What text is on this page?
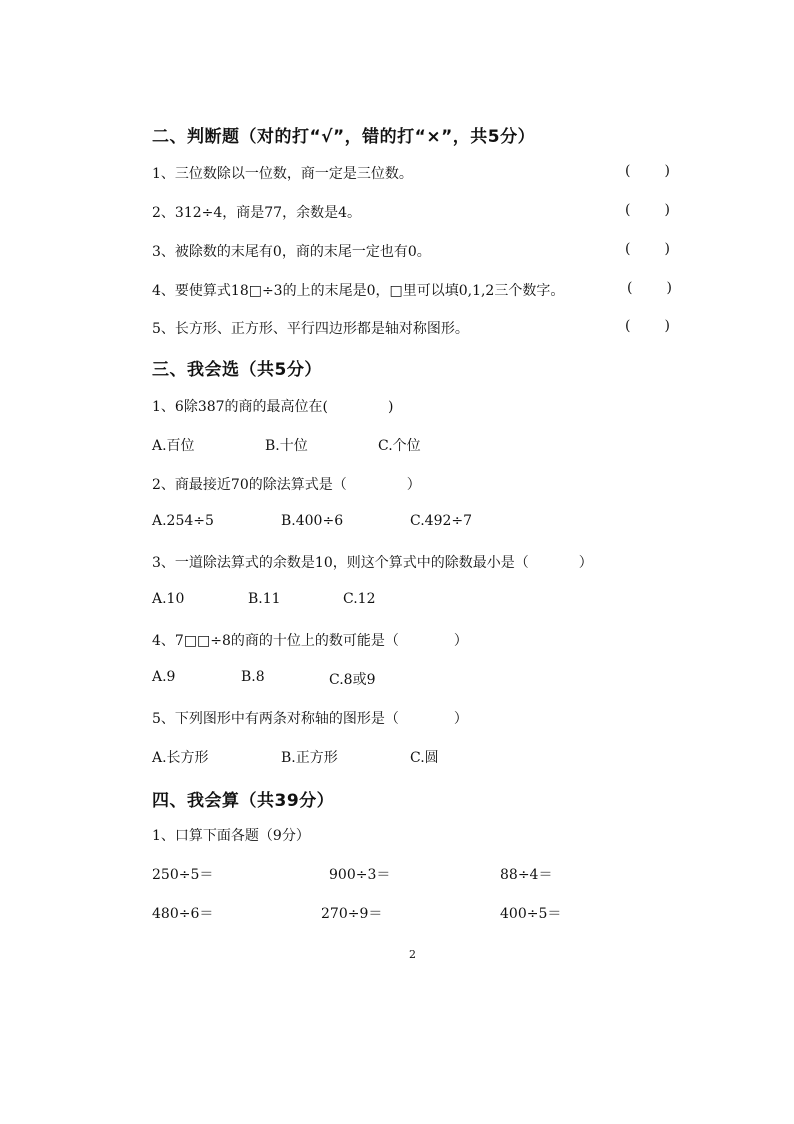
二、判断题（对的打“√”，错的打“×”，共5分）
1、三位数除以一位数，商一定是三位数。	( )
2、312÷4，商是77，余数是4。	( )
3、被除数的末尾有0，商的末尾一定也有0。	( )
4、要使算式18□÷3的上的末尾是0，□里可以填0,1,2三个数字。	( )
5、长方形、正方形、平行四边形都是轴对称图形。	( )
三、我会选（共5分）
1、6除387的商的最高位在(	)
A.百位	B.十位	C.个位
2、商最接近70的除法算式是（	）
A.254÷5	B.400÷6	C.492÷7
3、一道除法算式的余数是10，则这个算式中的除数最小是（	）
A.10	B.11	C.12
4、7□□÷8的商的十位上的数可能是（	）
A.9	B.8	C.8或9
5、下列图形中有两条对称轴的图形是（	）
A.长方形	B.正方形	C.圆
四、我会算（共39分）
1、口算下面各题（9分）
250÷5＝	900÷3＝	88÷4＝
480÷6＝	270÷9＝	400÷5＝
2
